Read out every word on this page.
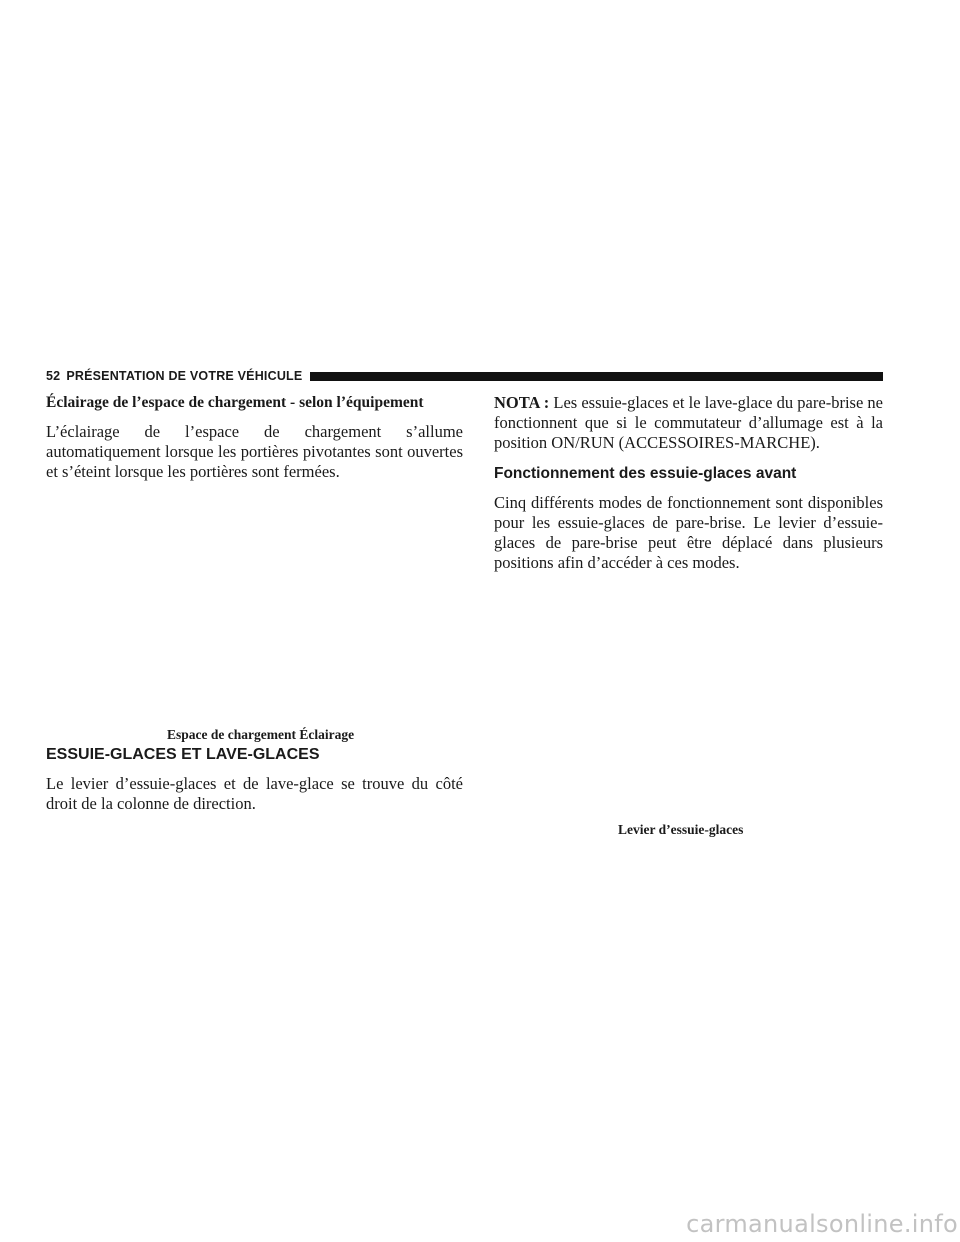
52 PRÉSENTATION DE VOTRE VÉHICULE

Éclairage de l’espace de chargement - selon l’équipement

L’éclairage de l’espace de chargement s’allume automatiquement lorsque les portières pivotantes sont ouvertes et s’éteint lorsque les portières sont fermées.

Espace de chargement Éclairage

ESSUIE-GLACES ET LAVE-GLACES

Le levier d’essuie-glaces et de lave-glace se trouve du côté droit de la colonne de direction.

NOTA : Les essuie-glaces et le lave-glace du pare-brise ne fonctionnent que si le commutateur d’allumage est à la position ON/RUN (ACCESSOIRES-MARCHE).

Fonctionnement des essuie-glaces avant

Cinq différents modes de fonctionnement sont disponibles pour les essuie-glaces de pare-brise. Le levier d’essuie-glaces de pare-brise peut être déplacé dans plusieurs positions afin d’accéder à ces modes.

Levier d’essuie-glaces
carmanualsonline.info
